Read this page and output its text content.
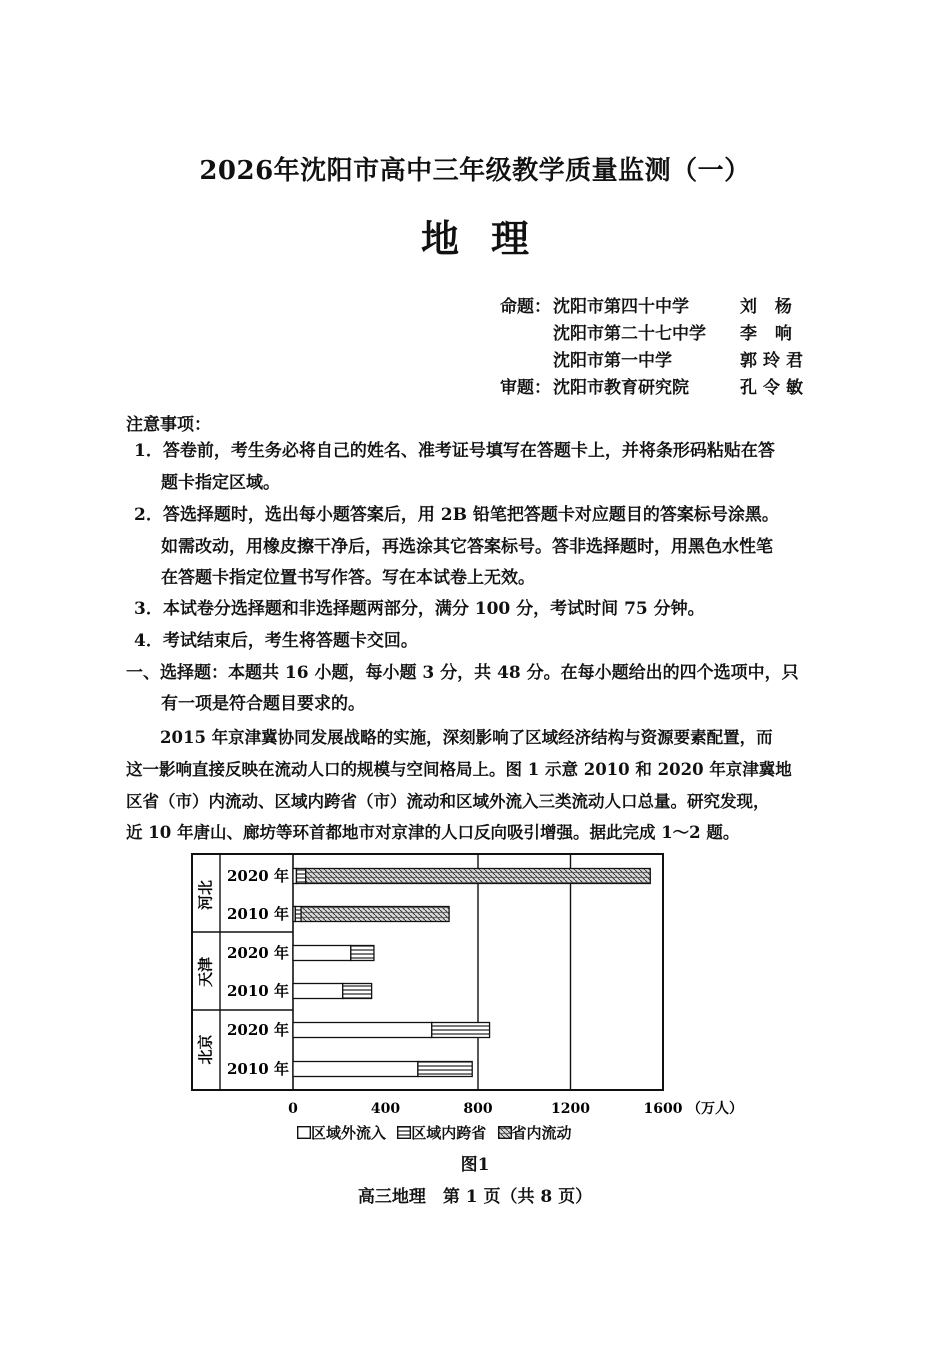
2026年沈阳市高中三年级教学质量监测（一）
地理
命题： 沈阳市第四十中学	刘 杨
沈阳市第二十七中学 李 响
沈阳市第一中学	郭玲君
审题： 沈阳市教育研究院	孔令敏
注意事项：
1．答卷前，考生务必将自己的姓名、准考证号填写在答题卡上，并将条形码粘贴在答
题卡指定区域。
2．答选择题时，选出每小题答案后，用 2B 铅笔把答题卡对应题目的答案标号涂黑。
如需改动，用橡皮擦干净后，再选涂其它答案标号。答非选择题时，用黑色水性笔
在答题卡指定位置书写作答。写在本试卷上无效。
3．本试卷分选择题和非选择题两部分，满分 100 分，考试时间 75 分钟。
4．考试结束后，考生将答题卡交回。
一、选择题：本题共 16 小题，每小题 3 分，共 48 分。在每小题给出的四个选项中，只
有一项是符合题目要求的。
2015 年京津冀协同发展战略的实施，深刻影响了区域经济结构与资源要素配置，而
这一影响直接反映在流动人口的规模与空间格局上。图 1 示意 2010 和 2020 年京津冀地
区省（市）内流动、区域内跨省（市）流动和区域外流入三类流动人口总量。研究发现，
近 10 年唐山、廊坊等环首都地市对京津的人口反向吸引增强。据此完成 1～2 题。
河北
2020 年
2010 年
天津
2020 年
2010 年
北京
2020 年
2010 年
0	400	800	1200	1600 （万人）
区域外流入 区域内跨省 省内流动
图1
高三地理　第 1 页（共 8 页）
